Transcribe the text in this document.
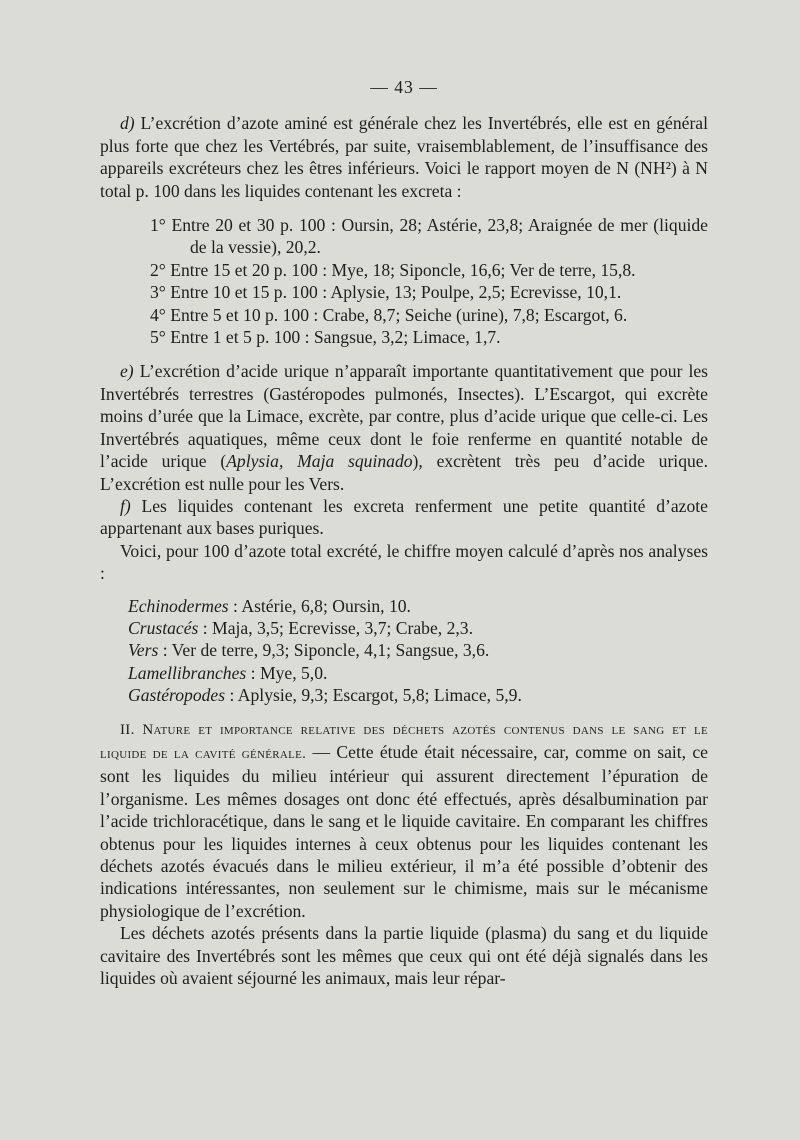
— 43 —

d) L’excrétion d’azote aminé est générale chez les Invertébrés, elle est en général plus forte que chez les Vertébrés, par suite, vraisemblablement, de l’insuffisance des appareils excréteurs chez les êtres inférieurs. Voici le rapport moyen de N (NH²) à N total p. 100 dans les liquides contenant les excreta :

1° Entre 20 et 30 p. 100 : Oursin, 28; Astérie, 23,8; Araignée de mer (liquide de la vessie), 20,2.
2° Entre 15 et 20 p. 100 : Mye, 18; Siponcle, 16,6; Ver de terre, 15,8.
3° Entre 10 et 15 p. 100 : Aplysie, 13; Poulpe, 2,5; Ecrevisse, 10,1.
4° Entre 5 et 10 p. 100 : Crabe, 8,7; Seiche (urine), 7,8; Escargot, 6.
5° Entre 1 et 5 p. 100 : Sangsue, 3,2; Limace, 1,7.

e) L’excrétion d’acide urique n’apparaît importante quantitativement que pour les Invertébrés terrestres (Gastéropodes pulmonés, Insectes). L’Escargot, qui excrète moins d’urée que la Limace, excrète, par contre, plus d’acide urique que celle-ci. Les Invertébrés aquatiques, même ceux dont le foie renferme en quantité notable de l’acide urique (Aplysia, Maja squinado), excrètent très peu d’acide urique. L’excrétion est nulle pour les Vers.

f) Les liquides contenant les excreta renferment une petite quantité d’azote appartenant aux bases puriques.

Voici, pour 100 d’azote total excrété, le chiffre moyen calculé d’après nos analyses :

Echinodermes : Astérie, 6,8; Oursin, 10.
Crustacés : Maja, 3,5; Ecrevisse, 3,7; Crabe, 2,3.
Vers : Ver de terre, 9,3; Siponcle, 4,1; Sangsue, 3,6.
Lamellibranches : Mye, 5,0.
Gastéropodes : Aplysie, 9,3; Escargot, 5,8; Limace, 5,9.

II. Nature et importance relative des déchets azotés contenus dans le sang et le liquide de la cavité générale. — Cette étude était nécessaire, car, comme on sait, ce sont les liquides du milieu intérieur qui assurent directement l’épuration de l’organisme. Les mêmes dosages ont donc été effectués, après désalbumination par l’acide trichloracétique, dans le sang et le liquide cavitaire. En comparant les chiffres obtenus pour les liquides internes à ceux obtenus pour les liquides contenant les déchets azotés évacués dans le milieu extérieur, il m’a été possible d’obtenir des indications intéressantes, non seulement sur le chimisme, mais sur le mécanisme physiologique de l’excrétion.

Les déchets azotés présents dans la partie liquide (plasma) du sang et du liquide cavitaire des Invertébrés sont les mêmes que ceux qui ont été déjà signalés dans les liquides où avaient séjourné les animaux, mais leur répar-
